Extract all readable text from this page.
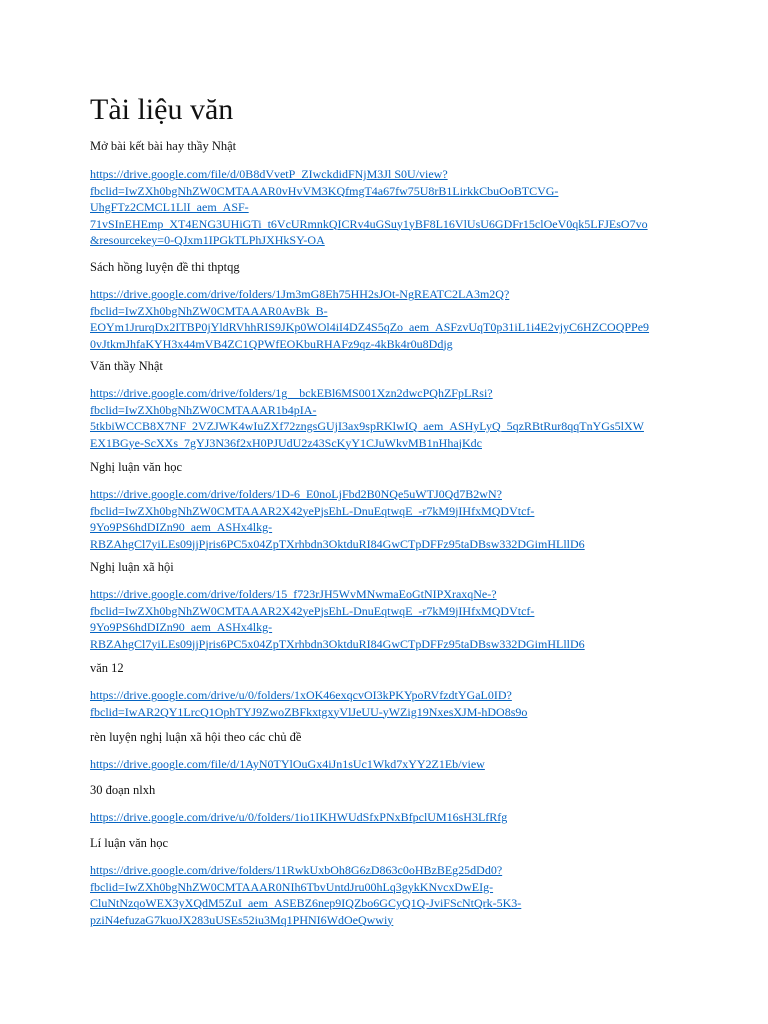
Tài liệu văn

Mở bài kết bài hay thầy Nhật

https://drive.google.com/file/d/0B8dVvetP_ZIwckdidFNjM3Jl S0U/view?
fbclid=IwZXh0bgNhZW0CMTAAAR0vHvVM3KQfmgT4a67fw75U8rB1LirkkCbuOoBTCVG-
UhgFTz2CMCL1LlI_aem_ASF-
71vSInEHEmp_XT4ENG3UHiGTi_t6VcURmnkQICRv4uGSuy1yBF8L16VlUsU6GDFr15clOeV0qk5LFJEsO7vo
&resourcekey=0-QJxm1IPGkTLPhJXHkSY-OA

Sách hồng luyện đề thi thptqg

https://drive.google.com/drive/folders/1Jm3mG8Eh75HH2sJOt-NgREATC2LA3m2Q?
fbclid=IwZXh0bgNhZW0CMTAAAR0AvBk_B-
EOYm1JrurqDx2ITBP0jYldRVhhRIS9JKp0WOl4iI4DZ4S5qZo_aem_ASFzvUqT0p31iL1i4E2vjyC6HZCOQPPe9
0vJtkmJhfaKYH3x44mVB4ZC1QPWfEOKbuRHAFz9qz-4kBk4r0u8Ddjg

Văn thầy Nhật

https://drive.google.com/drive/folders/1g__bckEBl6MS001Xzn2dwcPQhZFpLRsi?
fbclid=IwZXh0bgNhZW0CMTAAAR1b4pIA-
5tkbiWCCB8X7NF_2VZJWK4wIuZXf72zngsGUjI3ax9spRKlwIQ_aem_ASHyLyQ_5qzRBtRur8qqTnYGs5lXW
EX1BGye-ScXXs_7gYJ3N36f2xH0PJUdU2z43ScKyY1CJuWkvMB1nHhajKdc

Nghị luận văn học

https://drive.google.com/drive/folders/1D-6_E0noLjFbd2B0NQe5uWTJ0Qd7B2wN?
fbclid=IwZXh0bgNhZW0CMTAAAR2X42yePjsEhL-DnuEqtwqE_-r7kM9jIHfxMQDVtcf-
9Yo9PS6hdDIZn90_aem_ASHx4lkg-
RBZAhgCl7yiLEs09jjPjris6PC5x04ZpTXrhbdn3OktduRI84GwCTpDFFz95taDBsw332DGimHLllD6

Nghị luận xã hội

https://drive.google.com/drive/folders/15_f723rJH5WvMNwmaEoGtNIPXraxqNe-?
fbclid=IwZXh0bgNhZW0CMTAAAR2X42yePjsEhL-DnuEqtwqE_-r7kM9jIHfxMQDVtcf-
9Yo9PS6hdDIZn90_aem_ASHx4lkg-
RBZAhgCl7yiLEs09jjPjris6PC5x04ZpTXrhbdn3OktduRI84GwCTpDFFz95taDBsw332DGimHLllD6

văn 12

https://drive.google.com/drive/u/0/folders/1xOK46exqcvOI3kPKYpoRVfzdtYGaL0ID?
fbclid=IwAR2QY1LrcQ1OphTYJ9ZwoZBFkxtgxyVlJeUU-yWZig19NxesXJM-hDO8s9o

rèn luyện nghị luận xã hội theo các chủ đề

https://drive.google.com/file/d/1AyN0TYlOuGx4iJn1sUc1Wkd7xYY2Z1Eb/view

30 đoạn nlxh

https://drive.google.com/drive/u/0/folders/1io1IKHWUdSfxPNxBfpclUM16sH3LfRfg

Lí luận văn học

https://drive.google.com/drive/folders/11RwkUxbOh8G6zD863c0oHBzBEg25dDd0?
fbclid=IwZXh0bgNhZW0CMTAAAR0NIh6TbvUntdJru00hLq3gykKNvcxDwEIg-
CluNtNzqoWEX3yXQdM5ZuI_aem_ASEBZ6nep9IQZbo6GCyQ1Q-JviFScNtQrk-5K3-
pziN4efuzaG7kuoJX283uUSEs52iu3Mq1PHNI6WdOeQwwiy
